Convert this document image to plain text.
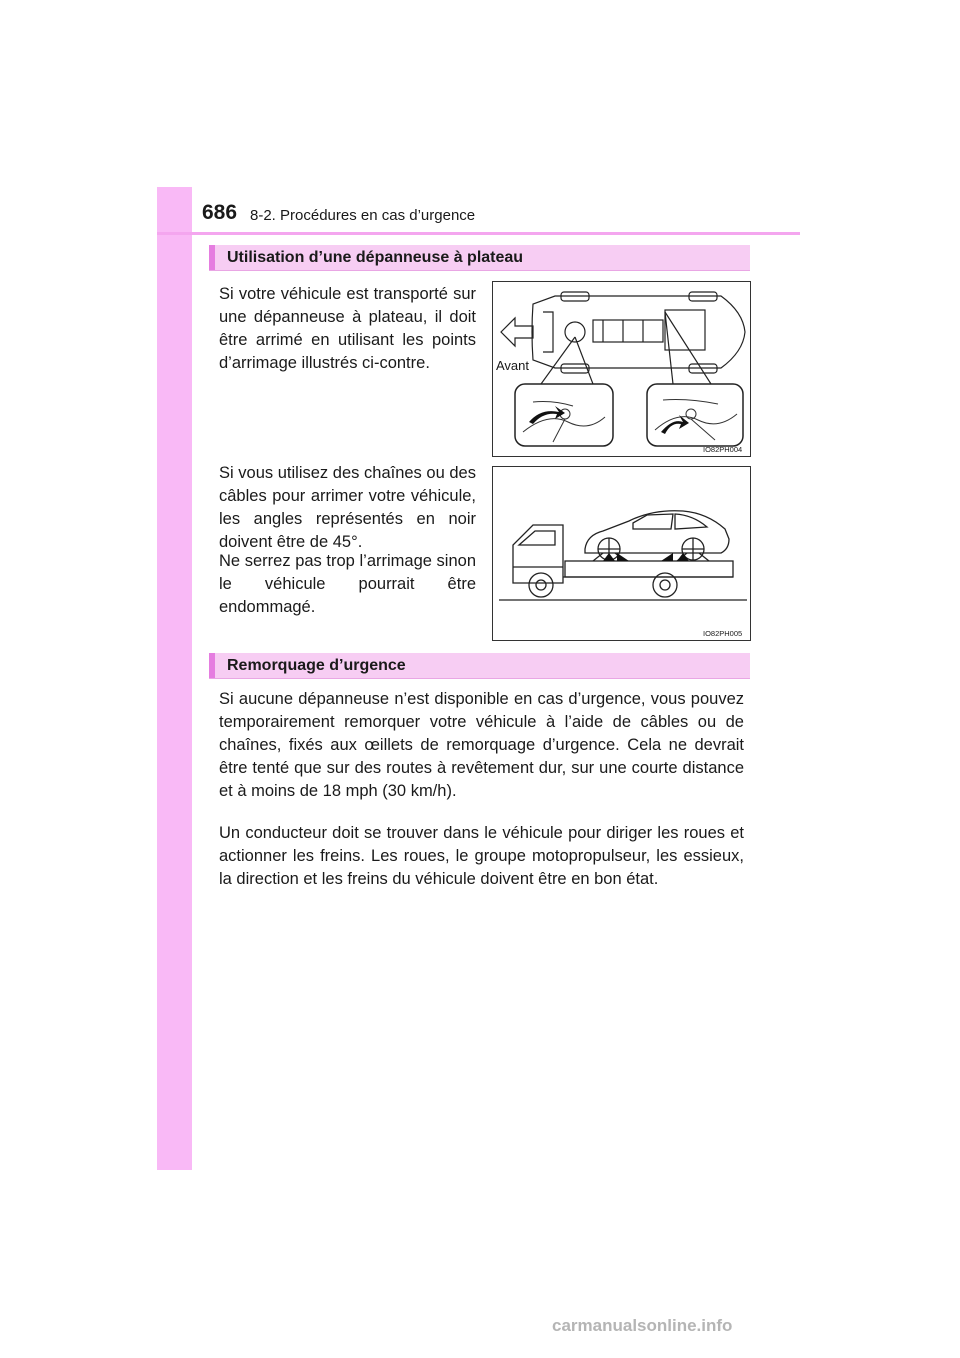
686 8-2. Procédures en cas d’urgence
Utilisation d’une dépanneuse à plateau

Si votre véhicule est transporté sur une dépanneuse à plateau, il doit être arrimé en utilisant les points d’arrimage illustrés ci-contre.

Si vous utilisez des chaînes ou des câbles pour arrimer votre véhicule, les angles représentés en noir doivent être de 45°.

Ne serrez pas trop l’arrimage sinon le véhicule pourrait être endommagé.

Avant
IO82PH004
IO82PH005
Remorquage d’urgence

Si aucune dépanneuse n’est disponible en cas d’urgence, vous pouvez temporairement remorquer votre véhicule à l’aide de câbles ou de chaînes, fixés aux œillets de remorquage d’urgence. Cela ne devrait être tenté que sur des routes à revêtement dur, sur une courte distance et à moins de 18 mph (30 km/h).

Un conducteur doit se trouver dans le véhicule pour diriger les roues et actionner les freins. Les roues, le groupe motopropulseur, les essieux, la direction et les freins du véhicule doivent être en bon état.

carmanualsonline.info
